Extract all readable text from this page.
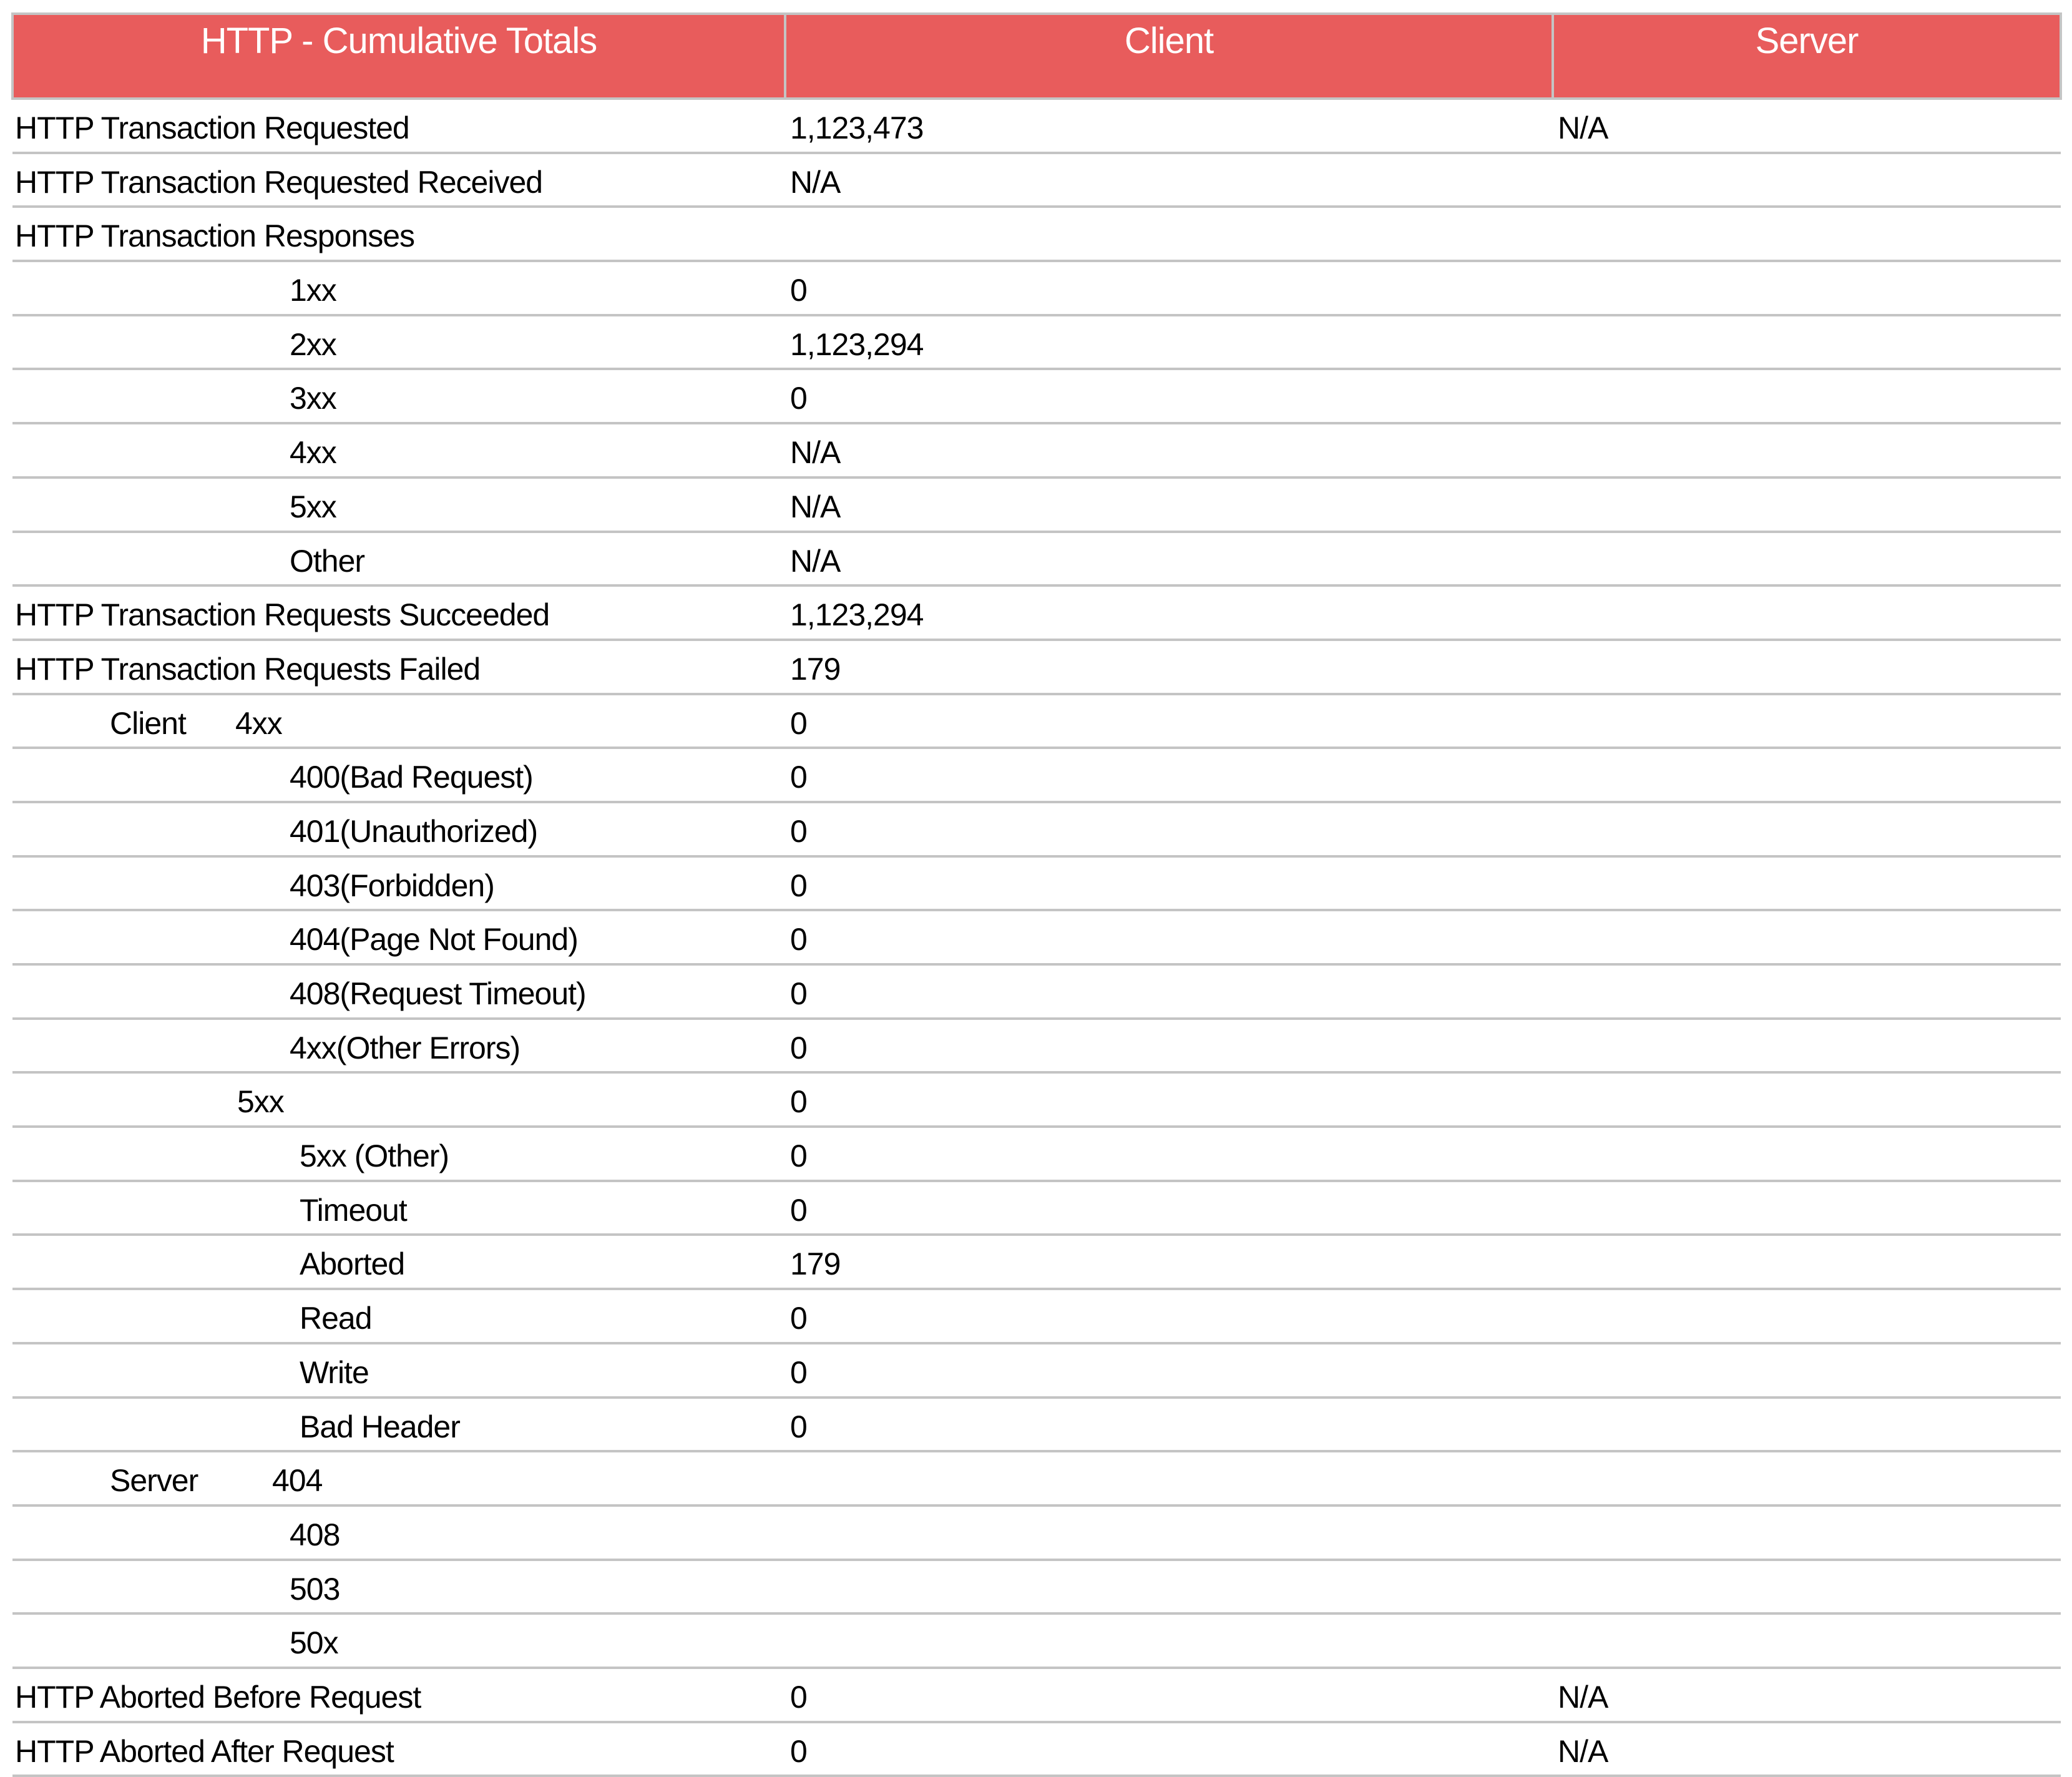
HTTP - Cumulative Totals	Client	Server
HTTP Transaction Requested	1,123,473	N/A
HTTP Transaction Requested Received	N/A	
HTTP Transaction Responses		
1xx	0	
2xx	1,123,294	
3xx	0	
4xx	N/A	
5xx	N/A	
Other	N/A	
HTTP Transaction Requests Succeeded	1,123,294	
HTTP Transaction Requests Failed	179	
Client 4xx	0	
400(Bad Request)	0	
401(Unauthorized)	0	
403(Forbidden)	0	
404(Page Not Found)	0	
408(Request Timeout)	0	
4xx(Other Errors)	0	
5xx	0	
5xx (Other)	0	
Timeout	0	
Aborted	179	
Read	0	
Write	0	
Bad Header	0	
Server 404		
408		
503		
50x		
HTTP Aborted Before Request	0	N/A
HTTP Aborted After Request	0	N/A
